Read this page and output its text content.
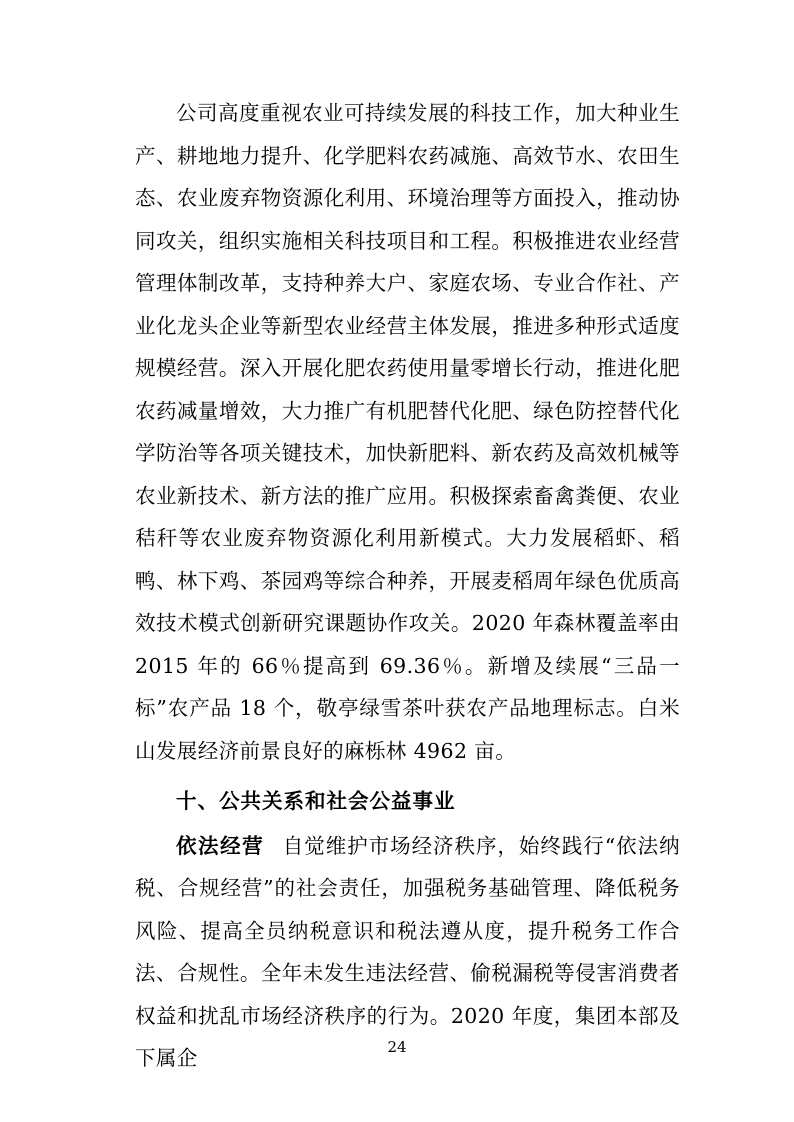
公司高度重视农业可持续发展的科技工作，加大种业生产、耕地地力提升、化学肥料农药减施、高效节水、农田生态、农业废弃物资源化利用、环境治理等方面投入，推动协同攻关，组织实施相关科技项目和工程。积极推进农业经营管理体制改革，支持种养大户、家庭农场、专业合作社、产业化龙头企业等新型农业经营主体发展，推进多种形式适度规模经营。深入开展化肥农药使用量零增长行动，推进化肥农药减量增效，大力推广有机肥替代化肥、绿色防控替代化学防治等各项关键技术，加快新肥料、新农药及高效机械等农业新技术、新方法的推广应用。积极探索畜禽粪便、农业秸秆等农业废弃物资源化利用新模式。大力发展稻虾、稻鸭、林下鸡、茶园鸡等综合种养，开展麦稻周年绿色优质高效技术模式创新研究课题协作攻关。2020 年森林覆盖率由 2015 年的 66％提高到 69.36％。新增及续展“三品一标”农产品 18 个，敬亭绿雪茶叶获农产品地理标志。白米山发展经济前景良好的麻栎林 4962 亩。

十、公共关系和社会公益事业

依法经营 自觉维护市场经济秩序，始终践行“依法纳税、合规经营”的社会责任，加强税务基础管理、降低税务风险、提高全员纳税意识和税法遵从度，提升税务工作合法、合规性。全年未发生违法经营、偷税漏税等侵害消费者权益和扰乱市场经济秩序的行为。2020 年度，集团本部及下属企	24
